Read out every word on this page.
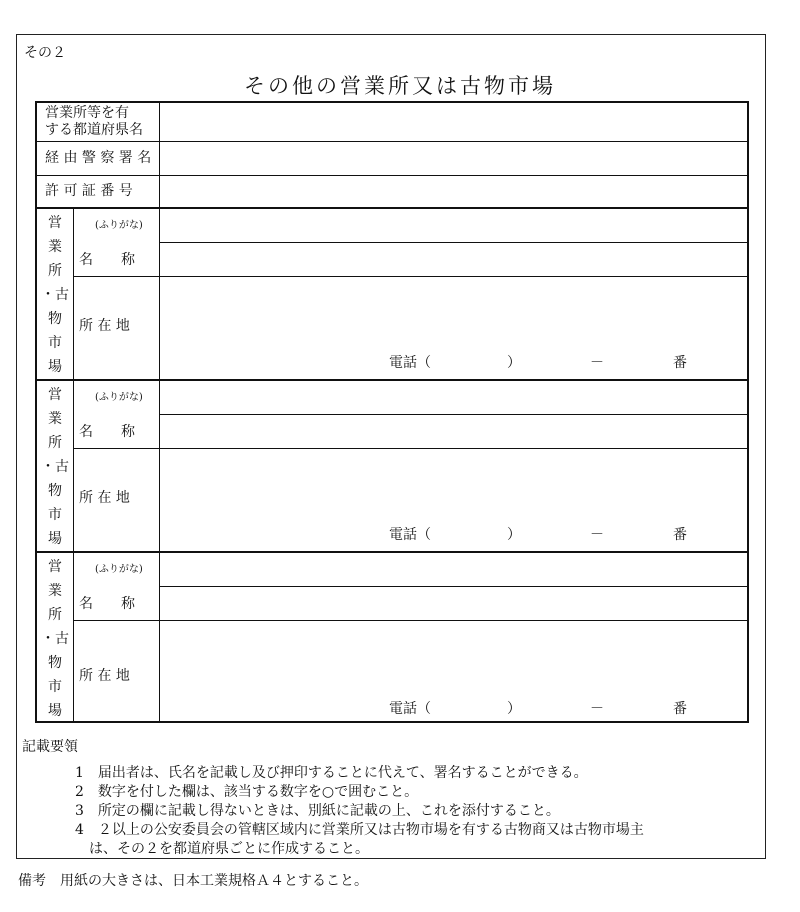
その２
その他の営業所又は古物市場
営業所等を有
する都道府県名
経 由 警 察 署 名
許 可 証 番 号
営
業
所
・古
物
市
場
(ふりがな)
名　　称
所 在 地
電話（	）	－	番
営
業
所
・古
物
市
場
(ふりがな)
名　　称
所 在 地
電話（	）	－	番
営
業
所
・古
物
市
場
(ふりがな)
名　　称
所 在 地
電話（	）	－	番
記載要領
1　届出者は、氏名を記載し及び押印することに代えて、署名することができる。
2　数字を付した欄は、該当する数字を○で囲むこと。
3　所定の欄に記載し得ないときは、別紙に記載の上、これを添付すること。
4　２以上の公安委員会の管轄区域内に営業所又は古物市場を有する古物商又は古物市場主
　は、その２を都道府県ごとに作成すること。
備考　用紙の大きさは、日本工業規格Ａ４とすること。
